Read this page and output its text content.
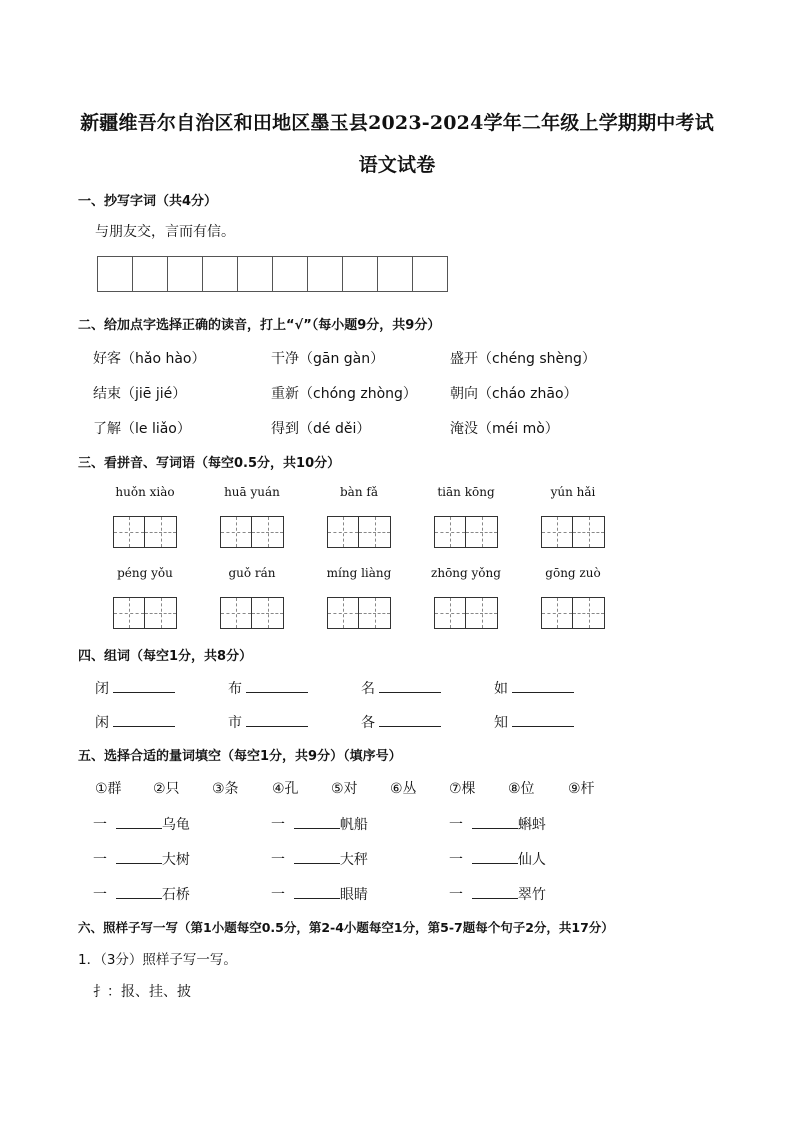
新疆维吾尔自治区和田地区墨玉县2023-2024学年二年级上学期期中考试
语文试卷
一、抄写字词（共4分）
与朋友交，言而有信。
二、给加点字选择正确的读音，打上“√”（每小题9分，共9分）
好客（hǎo hào）	干净（gān gàn）	盛开（chéng shèng）
结束（jiē jié）	重新（chóng zhòng） 朝向（cháo zhāo）
了解（le liǎo）	得到（dé děi）	淹没（méi mò）
三、看拼音、写词语（每空0.5分，共10分）
huǒn xiào	huā yuán	bàn fǎ	tiān kōng	yún hǎi
péng yǒu	guǒ rán	míng liàng	zhōng yǒng	gōng zuò
四、组词（每空1分，共8分）
闭	布	名	如
闲	市	各	知
五、选择合适的量词填空（每空1分，共9分）（填序号）
①群 ②只 ③条 ④孔 ⑤对 ⑥丛 ⑦棵 ⑧位 ⑨杆
一	乌龟	一	帆船	一	蝌蚪
一	大树	一	大秤	一	仙人
一	石桥	一	眼睛	一	翠竹
六、照样子写一写（第1小题每空0.5分，第2-4小题每空1分，第5-7题每个句子2分，共17分）
1．（3分）照样子写一写。
扌：报、挂、披
